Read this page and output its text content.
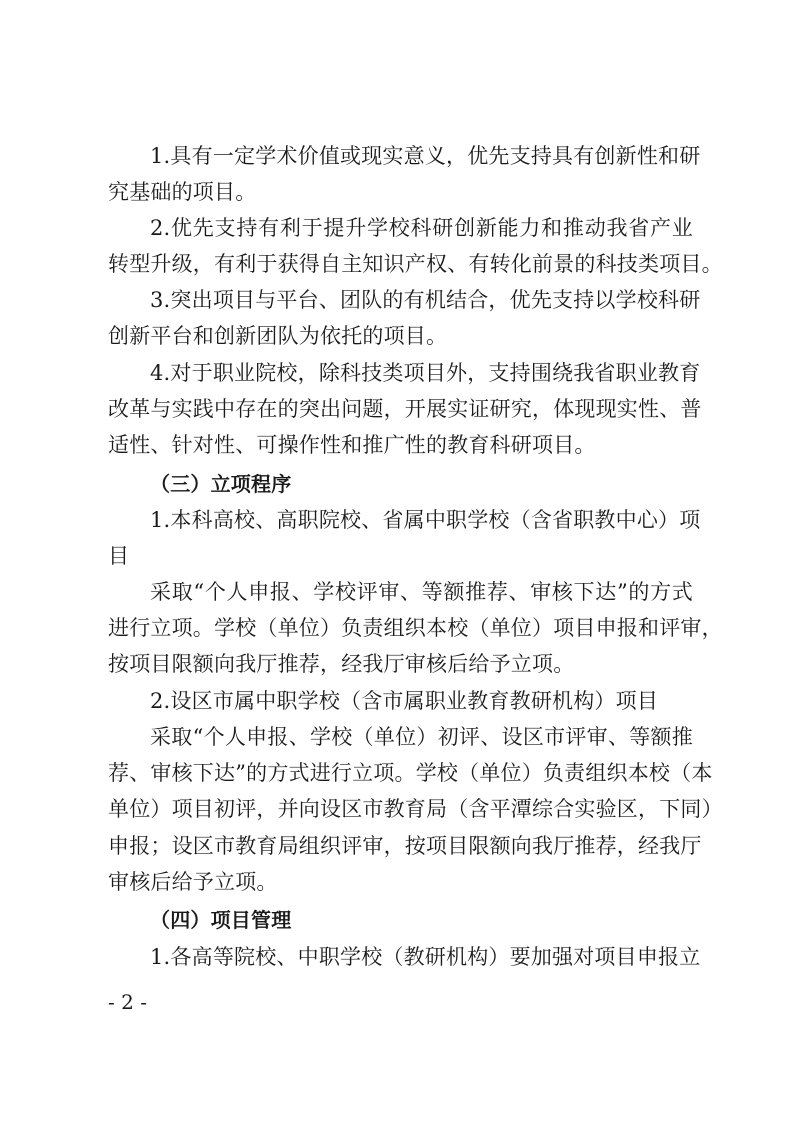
1.具有一定学术价值或现实意义，优先支持具有创新性和研
究基础的项目。
2.优先支持有利于提升学校科研创新能力和推动我省产业
转型升级，有利于获得自主知识产权、有转化前景的科技类项目。
3.突出项目与平台、团队的有机结合，优先支持以学校科研
创新平台和创新团队为依托的项目。
4.对于职业院校，除科技类项目外，支持围绕我省职业教育
改革与实践中存在的突出问题，开展实证研究，体现现实性、普
适性、针对性、可操作性和推广性的教育科研项目。
（三）立项程序
1.本科高校、高职院校、省属中职学校（含省职教中心）项
目
采取“个人申报、学校评审、等额推荐、审核下达”的方式
进行立项。学校（单位）负责组织本校（单位）项目申报和评审，
按项目限额向我厅推荐，经我厅审核后给予立项。
2.设区市属中职学校（含市属职业教育教研机构）项目
采取“个人申报、学校（单位）初评、设区市评审、等额推
荐、审核下达”的方式进行立项。学校（单位）负责组织本校（本
单位）项目初评，并向设区市教育局（含平潭综合实验区，下同）
申报；设区市教育局组织评审，按项目限额向我厅推荐，经我厅
审核后给予立项。
（四）项目管理
1.各高等院校、中职学校（教研机构）要加强对项目申报立
- 2 -
